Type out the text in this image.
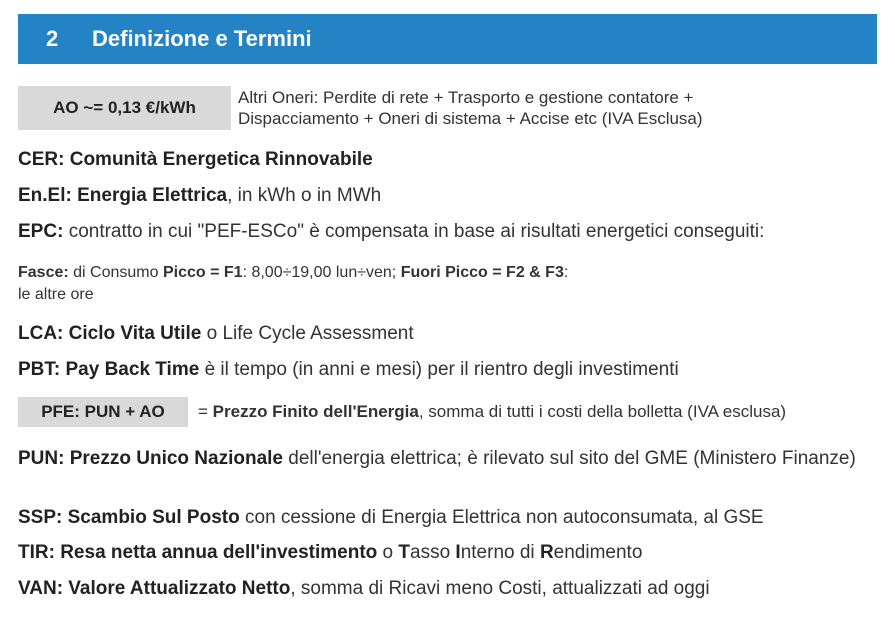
2	Definizione e Termini
AO ~= 0,13 €/kWh
Altri Oneri: Perdite di rete + Trasporto e gestione contatore +
Dispacciamento + Oneri di sistema + Accise etc (IVA Esclusa)
CER: Comunità Energetica Rinnovabile
En.El: Energia Elettrica, in kWh o in MWh
EPC: contratto in cui "PEF-ESCo" è compensata in base ai risultati energetici conseguiti:
Fasce: di Consumo Picco = F1: 8,00÷19,00 lun÷ven; Fuori Picco = F2 & F3:
le altre ore
LCA: Ciclo Vita Utile o Life Cycle Assessment
PBT: Pay Back Time è il tempo (in anni e mesi) per il rientro degli investimenti
PFE: PUN + AO	= Prezzo Finito dell'Energia, somma di tutti i costi della bolletta (IVA esclusa)
PUN: Prezzo Unico Nazionale dell'energia elettrica; è rilevato sul sito del GME (Ministero Finanze)
SSP: Scambio Sul Posto con cessione di Energia Elettrica non autoconsumata, al GSE
TIR: Resa netta annua dell'investimento o Tasso Interno di Rendimento
VAN: Valore Attualizzato Netto, somma di Ricavi meno Costi, attualizzati ad oggi
